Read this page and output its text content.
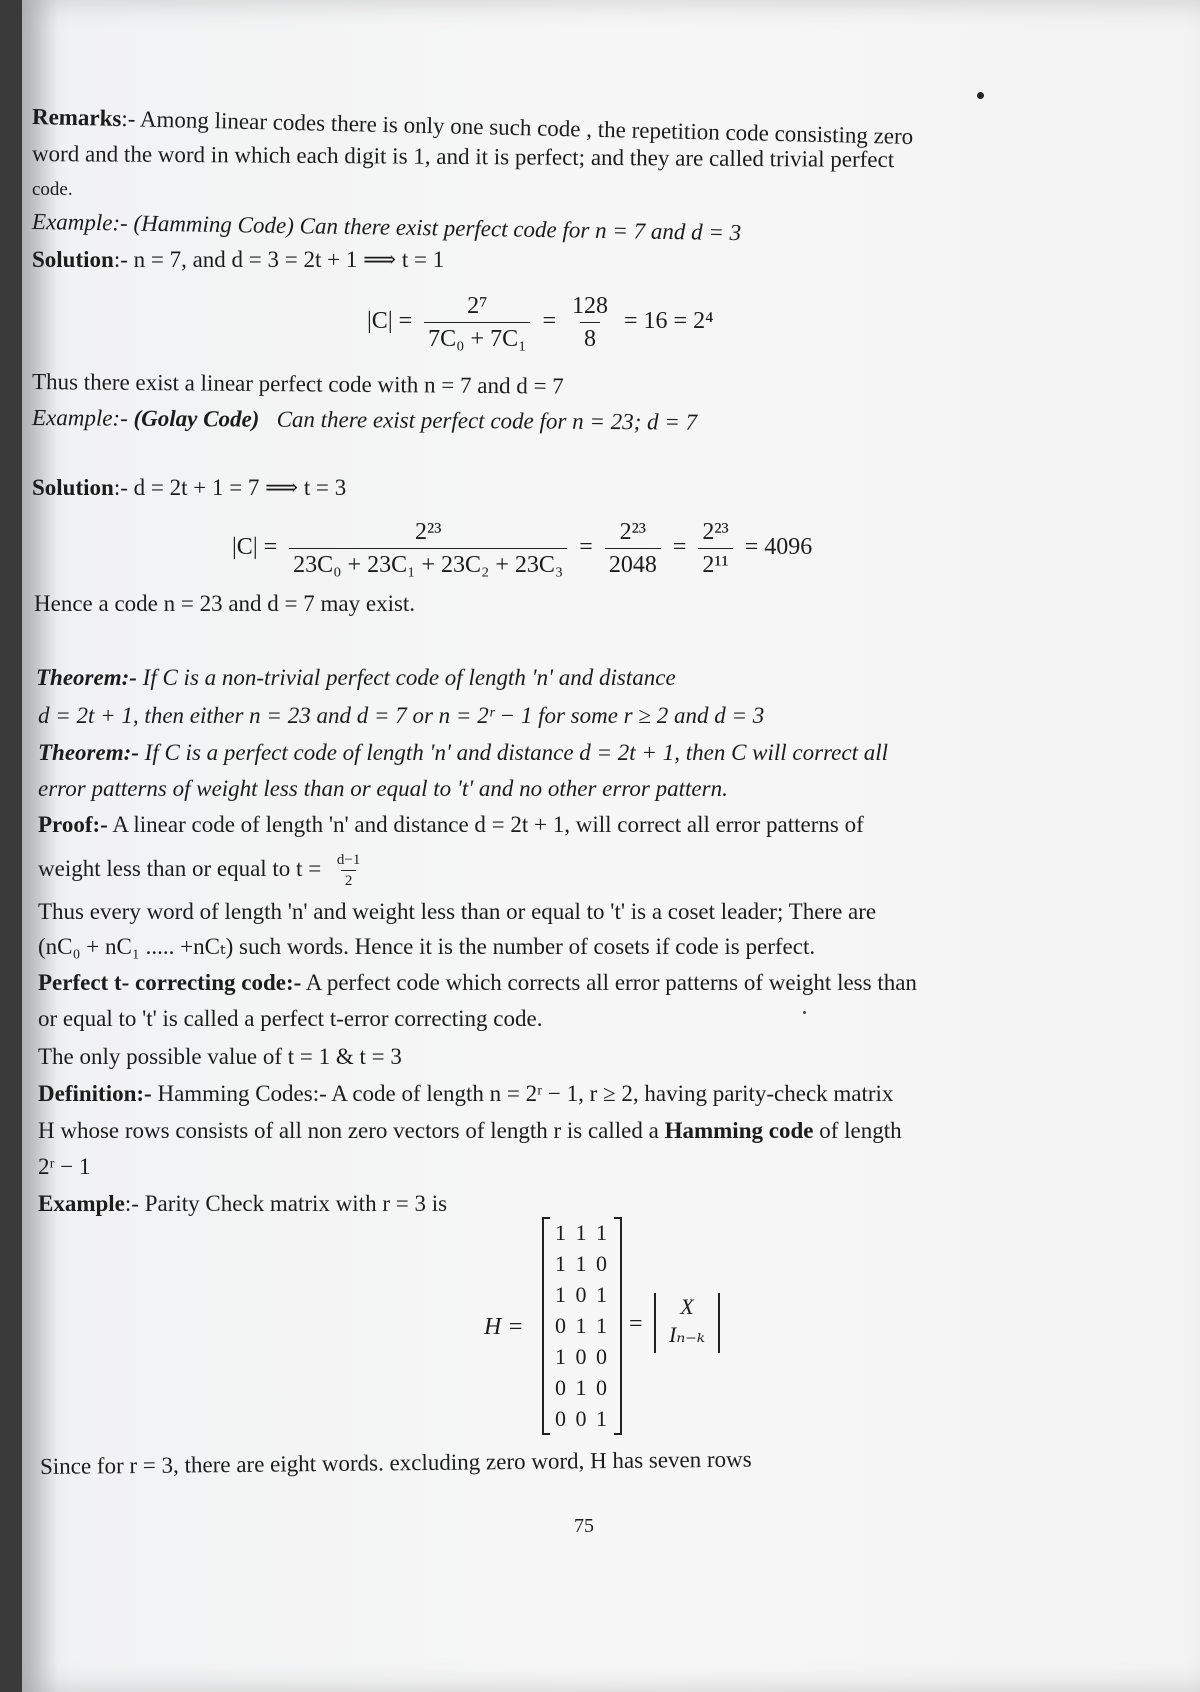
Remarks:- Among linear codes there is only one such code , the repetition code consisting zero
word and the word in which each digit is 1, and it is perfect; and they are called trivial perfect
code.
Example:- (Hamming Code) Can there exist perfect code for n = 7 and d = 3
Solution:- n = 7, and d = 3 = 2t + 1 ⟹ t = 1
$|C| = \frac{\text{2⁷}}{\text{7C₀ + 7C₁}} = \frac{128}{8} = 16 = 2^4$
Thus there exist a linear perfect code with n = 7 and d = 7
Example:- (Golay Code) Can there exist perfect code for n = 23; d = 7
Solution:- d = 2t + 1 = 7 ⟹ t = 3
$|C| = \frac{\text{2²³}}{\text{23C₀ + 23C₁ + 23C₂ + 23C₃}} = \frac{\text{2²³}}{2048} = \frac{\text{2²³}}{\text{2¹¹}} = 4096$
Hence a code n = 23 and d = 7 may exist.
Theorem:- If C is a non-trivial perfect code of length 'n' and distance
d = 2t + 1, then either n = 23 and d = 7 or n = 2ʳ − 1 for some r ≥ 2 and d = 3
Theorem:- If C is a perfect code of length 'n' and distance d = 2t + 1, then C will correct all
error patterns of weight less than or equal to 't' and no other error pattern.
Proof:- A linear code of length 'n' and distance d = 2t + 1, will correct all error patterns of
weight less than or equal to $t = \frac{d-1}{2}$
Thus every word of length 'n' and weight less than or equal to 't' is a coset leader; There are
(nC₀ + nC₁ ..... +nCₜ) such words. Hence it is the number of cosets if code is perfect.
Perfect t- correcting code:- A perfect code which corrects all error patterns of weight less than
or equal to 't' is called a perfect t-error correcting code.
The only possible value of t = 1 & t = 3
Definition:- Hamming Codes:- A code of length n = 2ʳ − 1, r ≥ 2, having parity-check matrix
H whose rows consists of all non zero vectors of length r is called a Hamming code of length
2ʳ − 1
Example:- Parity Check matrix with r = 3 is
H =
1 1 1
1 1 0
1 0 1
0 1 1
1 0 0
0 1 0
0 0 1
=
X
Iₙ₋ₖ
Since for r = 3, there are eight words. excluding zero word, H has seven rows
75
